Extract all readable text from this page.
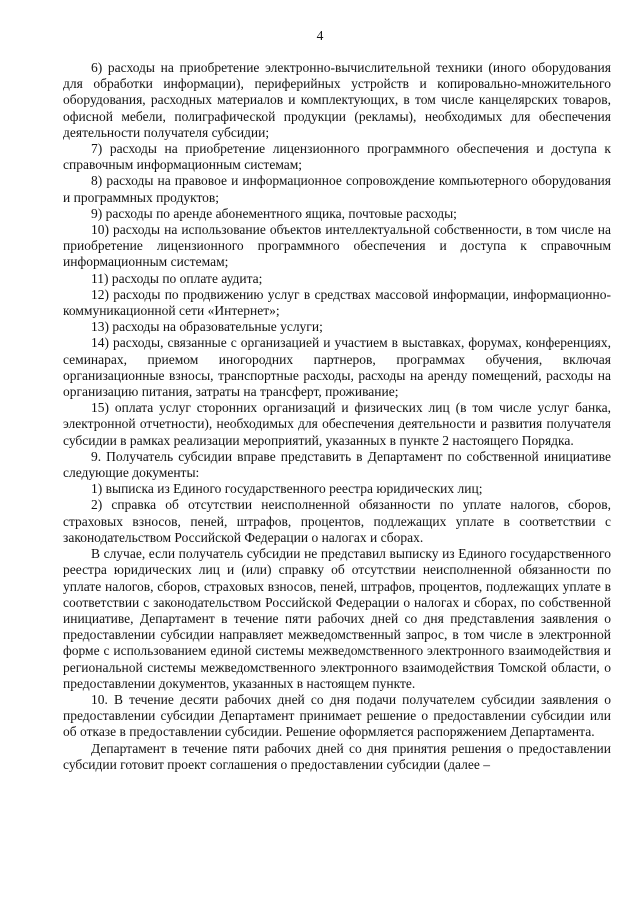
4

6) расходы на приобретение электронно-вычислительной техники (иного оборудования для обработки информации), периферийных устройств и копировально-множительного оборудования, расходных материалов и комплектующих, в том числе канцелярских товаров, офисной мебели, полиграфической продукции (рекламы), необходимых для обеспечения деятельности получателя субсидии;

7) расходы на приобретение лицензионного программного обеспечения и доступа к справочным информационным системам;

8) расходы на правовое и информационное сопровождение компьютерного оборудования и программных продуктов;

9) расходы по аренде абонементного ящика, почтовые расходы;

10) расходы на использование объектов интеллектуальной собственности, в том числе на приобретение лицензионного программного обеспечения и доступа к справочным информационным системам;

11) расходы по оплате аудита;

12) расходы по продвижению услуг в средствах массовой информации, информационно-коммуникационной сети «Интернет»;

13) расходы на образовательные услуги;

14) расходы, связанные с организацией и участием в выставках, форумах, конференциях, семинарах, приемом иногородних партнеров, программах обучения, включая организационные взносы, транспортные расходы, расходы на аренду помещений, расходы на организацию питания, затраты на трансферт, проживание;

15) оплата услуг сторонних организаций и физических лиц (в том числе услуг банка, электронной отчетности), необходимых для обеспечения деятельности и развития получателя субсидии в рамках реализации мероприятий, указанных в пункте 2 настоящего Порядка.

9. Получатель субсидии вправе представить в Департамент по собственной инициативе следующие документы:

1) выписка из Единого государственного реестра юридических лиц;

2) справка об отсутствии неисполненной обязанности по уплате налогов, сборов, страховых взносов, пеней, штрафов, процентов, подлежащих уплате в соответствии с законодательством Российской Федерации о налогах и сборах.

В случае, если получатель субсидии не представил выписку из Единого государственного реестра юридических лиц и (или) справку об отсутствии неисполненной обязанности по уплате налогов, сборов, страховых взносов, пеней, штрафов, процентов, подлежащих уплате в соответствии с законодательством Российской Федерации о налогах и сборах, по собственной инициативе, Департамент в течение пяти рабочих дней со дня представления заявления о предоставлении субсидии направляет межведомственный запрос, в том числе в электронной форме с использованием единой системы межведомственного электронного взаимодействия и региональной системы межведомственного электронного взаимодействия Томской области, о предоставлении документов, указанных в настоящем пункте.

10. В течение десяти рабочих дней со дня подачи получателем субсидии заявления о предоставлении субсидии Департамент принимает решение о предоставлении субсидии или об отказе в предоставлении субсидии. Решение оформляется распоряжением Департамента.

Департамент в течение пяти рабочих дней со дня принятия решения о предоставлении субсидии готовит проект соглашения о предоставлении субсидии (далее –
